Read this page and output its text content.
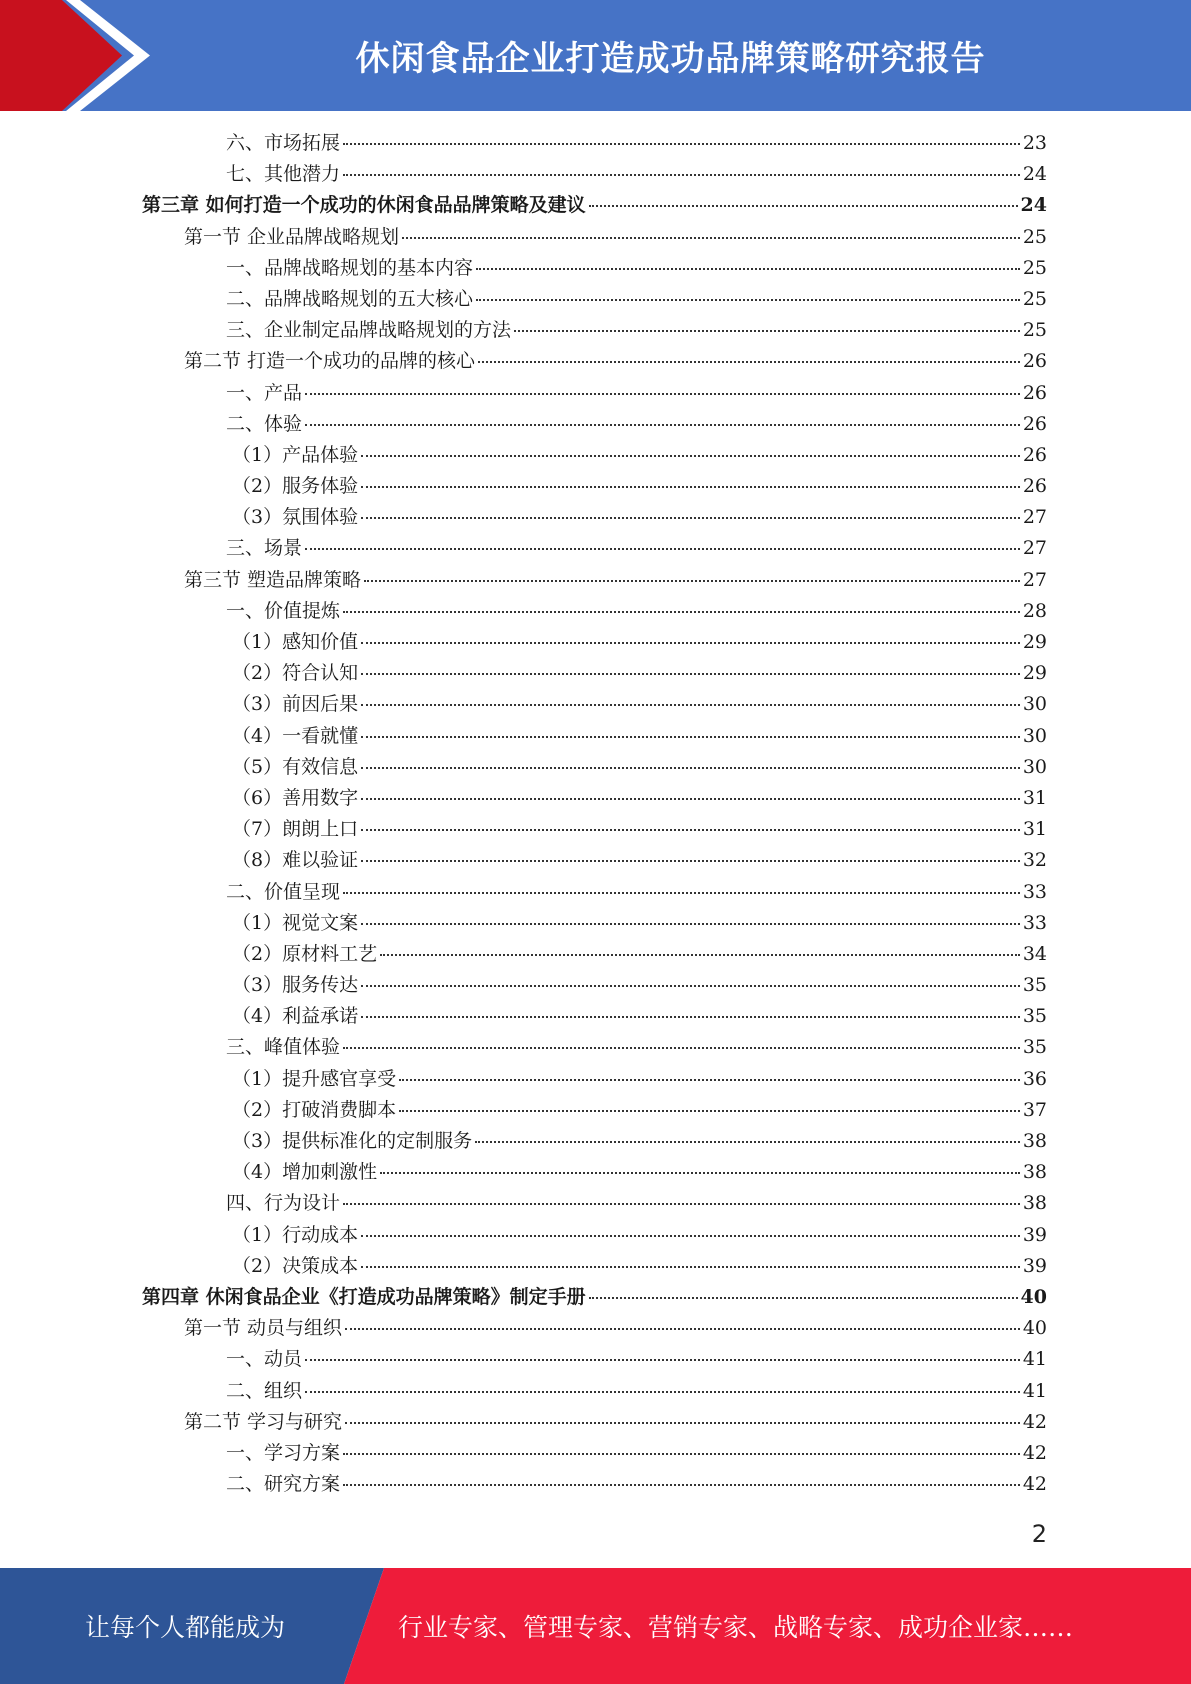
休闲食品企业打造成功品牌策略研究报告
六、市场拓展	23
七、其他潜力	24
第三章 如何打造一个成功的休闲食品品牌策略及建议	24
第一节 企业品牌战略规划	25
一、品牌战略规划的基本内容	25
二、品牌战略规划的五大核心	25
三、企业制定品牌战略规划的方法	25
第二节 打造一个成功的品牌的核心	26
一、产品	26
二、体验	26
（1）产品体验	26
（2）服务体验	26
（3）氛围体验	27
三、场景	27
第三节 塑造品牌策略	27
一、价值提炼	28
（1）感知价值	29
（2）符合认知	29
（3）前因后果	30
（4）一看就懂	30
（5）有效信息	30
（6）善用数字	31
（7）朗朗上口	31
（8）难以验证	32
二、价值呈现	33
（1）视觉文案	33
（2）原材料工艺	34
（3）服务传达	35
（4）利益承诺	35
三、峰值体验	35
（1）提升感官享受	36
（2）打破消费脚本	37
（3）提供标准化的定制服务	38
（4）增加刺激性	38
四、行为设计	38
（1）行动成本	39
（2）决策成本	39
第四章 休闲食品企业《打造成功品牌策略》制定手册	40
第一节 动员与组织	40
一、动员	41
二、组织	41
第二节 学习与研究	42
一、学习方案	42
二、研究方案	42
2
让每个人都能成为	行业专家、管理专家、营销专家、战略专家、成功企业家……
